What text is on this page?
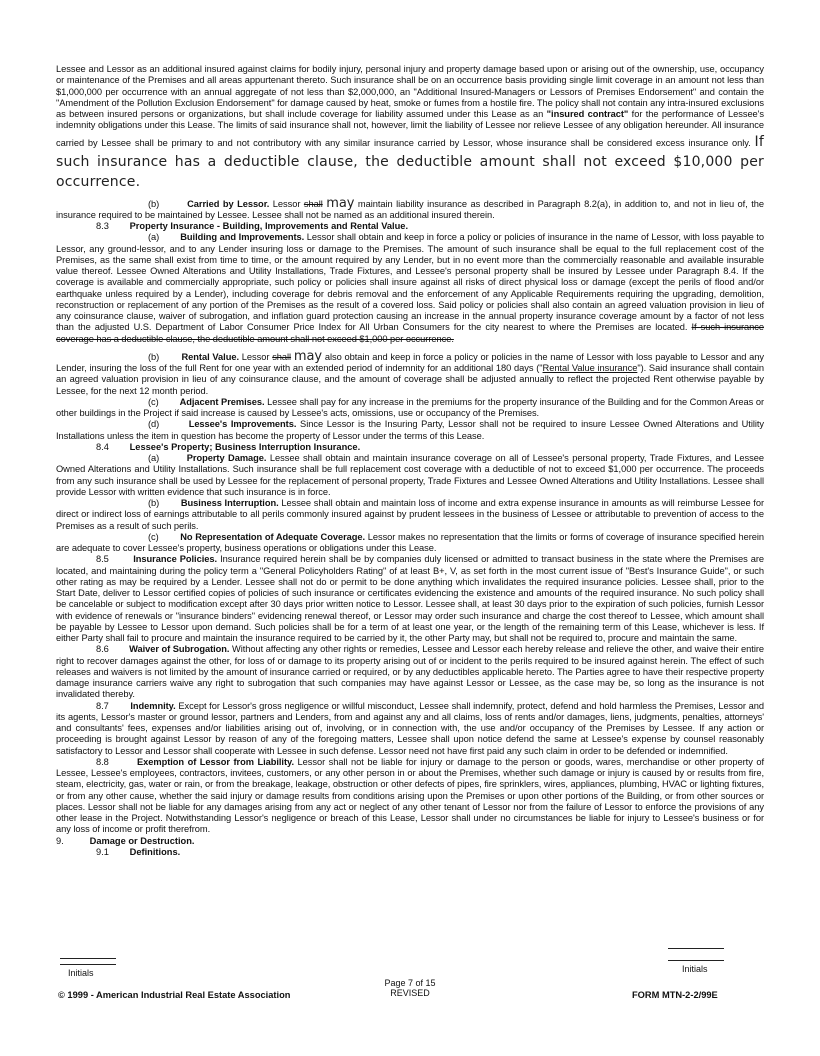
Lessee and Lessor as an additional insured against claims for bodily injury, personal injury and property damage based upon or arising out of the ownership, use, occupancy or maintenance of the Premises and all areas appurtenant thereto. Such insurance shall be on an occurrence basis providing single limit coverage in an amount not less than $1,000,000 per occurrence with an annual aggregate of not less than $2,000,000, an "Additional Insured-Managers or Lessors of Premises Endorsement" and contain the "Amendment of the Pollution Exclusion Endorsement" for damage caused by heat, smoke or fumes from a hostile fire. The policy shall not contain any intra-insured exclusions as between insured persons or organizations, but shall include coverage for liability assumed under this Lease as an "insured contract" for the performance of Lessee's indemnity obligations under this Lease. The limits of said insurance shall not, however, limit the liability of Lessee nor relieve Lessee of any obligation hereunder. All insurance carried by Lessee shall be primary to and not contributory with any similar insurance carried by Lessor, whose insurance shall be considered excess insurance only. If such insurance has a deductible clause, the deductible amount shall not exceed $10,000 per occurrence.

(b)	Carried by Lessor. Lessor shall may maintain liability insurance as described in Paragraph 8.2(a), in addition to, and not in lieu of, the insurance required to be maintained by Lessee. Lessee shall not be named as an additional insured therein.

8.3 Property Insurance - Building, Improvements and Rental Value.

(a) Building and Improvements. Lessor shall obtain and keep in force a policy or policies of insurance in the name of Lessor, with loss payable to Lessor, any ground-lessor, and to any Lender insuring loss or damage to the Premises. The amount of such insurance shall be equal to the full replacement cost of the Premises, as the same shall exist from time to time, or the amount required by any Lender, but in no event more than the commercially reasonable and available insurable value thereof. Lessee Owned Alterations and Utility Installations, Trade Fixtures, and Lessee's personal property shall be insured by Lessee under Paragraph 8.4. If the coverage is available and commercially appropriate, such policy or policies shall insure against all risks of direct physical loss or damage (except the perils of flood and/or earthquake unless required by a Lender), including coverage for debris removal and the enforcement of any Applicable Requirements requiring the upgrading, demolition, reconstruction or replacement of any portion of the Premises as the result of a covered loss. Said policy or policies shall also contain an agreed valuation provision in lieu of any coinsurance clause, waiver of subrogation, and inflation guard protection causing an increase in the annual property insurance coverage amount by a factor of not less than the adjusted U.S. Department of Labor Consumer Price Index for All Urban Consumers for the city nearest to where the Premises are located. If such insurance coverage has a deductible clause, the deductible amount shall not exceed $1,000 per occurrence.

(b) Rental Value. Lessor shall may also obtain and keep in force a policy or policies in the name of Lessor with loss payable to Lessor and any Lender, insuring the loss of the full Rent for one year with an extended period of indemnity for an additional 180 days ("Rental Value insurance"). Said insurance shall contain an agreed valuation provision in lieu of any coinsurance clause, and the amount of coverage shall be adjusted annually to reflect the projected Rent otherwise payable by Lessee, for the next 12 month period.

(c) Adjacent Premises. Lessee shall pay for any increase in the premiums for the property insurance of the Building and for the Common Areas or other buildings in the Project if said increase is caused by Lessee's acts, omissions, use or occupancy of the Premises.

(d)	Lessee's Improvements. Since Lessor is the Insuring Party, Lessor shall not be required to insure Lessee Owned Alterations and Utility Installations unless the item in question has become the property of Lessor under the terms of this Lease.

8.4 Lessee's Property; Business Interruption Insurance.

(a)	Property Damage. Lessee shall obtain and maintain insurance coverage on all of Lessee's personal property, Trade Fixtures, and Lessee Owned Alterations and Utility Installations. Such insurance shall be full replacement cost coverage with a deductible of not to exceed $1,000 per occurrence. The proceeds from any such insurance shall be used by Lessee for the replacement of personal property, Trade Fixtures and Lessee Owned Alterations and Utility Installations. Lessee shall provide Lessor with written evidence that such insurance is in force.

(b) Business Interruption. Lessee shall obtain and maintain loss of income and extra expense insurance in amounts as will reimburse Lessee for direct or indirect loss of earnings attributable to all perils commonly insured against by prudent lessees in the business of Lessee or attributable to prevention of access to the Premises as a result of such perils.

(c) No Representation of Adequate Coverage. Lessor makes no representation that the limits or forms of coverage of insurance specified herein are adequate to cover Lessee's property, business operations or obligations under this Lease.

8.5	Insurance Policies. Insurance required herein shall be by companies duly licensed or admitted to transact business in the state where the Premises are located, and maintaining during the policy term a "General Policyholders Rating" of at least B+, V, as set forth in the most current issue of "Best's Insurance Guide", or such other rating as may be required by a Lender. Lessee shall not do or permit to be done anything which invalidates the required insurance policies. Lessee shall, prior to the Start Date, deliver to Lessor certified copies of policies of such insurance or certificates evidencing the existence and amounts of the required insurance. No such policy shall be cancelable or subject to modification except after 30 days prior written notice to Lessor. Lessee shall, at least 30 days prior to the expiration of such policies, furnish Lessor with evidence of renewals or "insurance binders" evidencing renewal thereof, or Lessor may order such insurance and charge the cost thereof to Lessee, which amount shall be payable by Lessee to Lessor upon demand. Such policies shall be for a term of at least one year, or the length of the remaining term of this Lease, whichever is less. If either Party shall fail to procure and maintain the insurance required to be carried by it, the other Party may, but shall not be required to, procure and maintain the same.

8.6 Waiver of Subrogation. Without affecting any other rights or remedies, Lessee and Lessor each hereby release and relieve the other, and waive their entire right to recover damages against the other, for loss of or damage to its property arising out of or incident to the perils required to be insured against herein. The effect of such releases and waivers is not limited by the amount of insurance carried or required, or by any deductibles applicable hereto. The Parties agree to have their respective property damage insurance carriers waive any right to subrogation that such companies may have against Lessor or Lessee, as the case may be, so long as the insurance is not invalidated thereby.

8.7 Indemnity. Except for Lessor's gross negligence or willful misconduct, Lessee shall indemnify, protect, defend and hold harmless the Premises, Lessor and its agents, Lessor's master or ground lessor, partners and Lenders, from and against any and all claims, loss of rents and/or damages, liens, judgments, penalties, attorneys' and consultants' fees, expenses and/or liabilities arising out of, involving, or in connection with, the use and/or occupancy of the Premises by Lessee. If any action or proceeding is brought against Lessor by reason of any of the foregoing matters, Lessee shall upon notice defend the same at Lessee's expense by counsel reasonably satisfactory to Lessor and Lessor shall cooperate with Lessee in such defense. Lessor need not have first paid any such claim in order to be defended or indemnified.

8.8	Exemption of Lessor from Liability. Lessor shall not be liable for injury or damage to the person or goods, wares, merchandise or other property of Lessee, Lessee's employees, contractors, invitees, customers, or any other person in or about the Premises, whether such damage or injury is caused by or results from fire, steam, electricity, gas, water or rain, or from the breakage, leakage, obstruction or other defects of pipes, fire sprinklers, wires, appliances, plumbing, HVAC or lighting fixtures, or from any other cause, whether the said injury or damage results from conditions arising upon the Premises or upon other portions of the Building, or from other sources or places. Lessor shall not be liable for any damages arising from any act or neglect of any other tenant of Lessor nor from the failure of Lessor to enforce the provisions of any other lease in the Project. Notwithstanding Lessor's negligence or breach of this Lease, Lessor shall under no circumstances be liable for injury to Lessee's business or for any loss of income or profit therefrom.

9.	Damage or Destruction.

9.1 Definitions.

Initials	Initials
© 1999 - American Industrial Real Estate Association
Page 7 of 15
REVISED	FORM MTN-2-2/99E
